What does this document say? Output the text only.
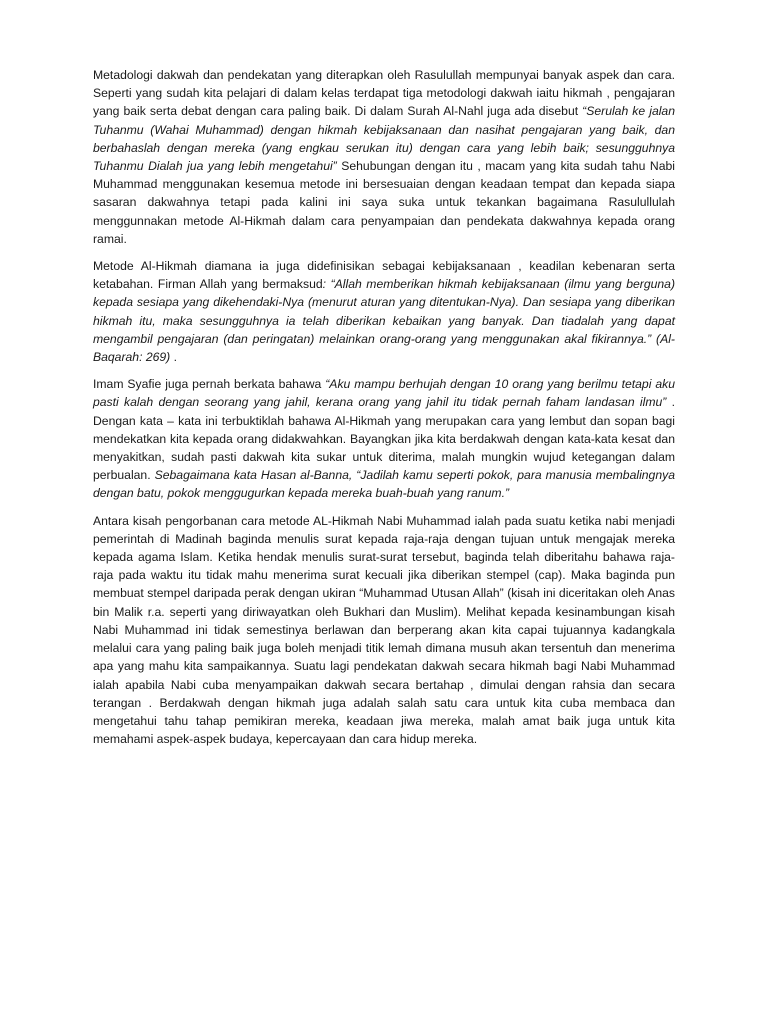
Metadologi dakwah dan pendekatan yang diterapkan oleh Rasulullah mempunyai banyak aspek dan cara. Seperti yang sudah kita pelajari di dalam kelas terdapat tiga metodologi dakwah iaitu hikmah , pengajaran yang baik serta debat dengan cara paling baik. Di dalam Surah Al-Nahl juga ada disebut “Serulah ke jalan Tuhanmu (Wahai Muhammad) dengan hikmah kebijaksanaan dan nasihat pengajaran yang baik, dan berbahaslah dengan mereka (yang engkau serukan itu) dengan cara yang lebih baik; sesungguhnya Tuhanmu Dialah jua yang lebih mengetahui” Sehubungan dengan itu , macam yang kita sudah tahu Nabi Muhammad menggunakan kesemua metode ini bersesuaian dengan keadaan tempat dan kepada siapa sasaran dakwahnya tetapi pada kalini ini saya suka untuk tekankan bagaimana Rasulullulah menggunnakan metode Al-Hikmah dalam cara penyampaian dan pendekata dakwahnya kepada orang ramai.

Metode Al-Hikmah diamana ia juga didefinisikan sebagai kebijaksanaan , keadilan kebenaran serta ketabahan. Firman Allah yang bermaksud: “Allah memberikan hikmah kebijaksanaan (ilmu yang berguna) kepada sesiapa yang dikehendaki-Nya (menurut aturan yang ditentukan-Nya). Dan sesiapa yang diberikan hikmah itu, maka sesungguhnya ia telah diberikan kebaikan yang banyak. Dan tiadalah yang dapat mengambil pengajaran (dan peringatan) melainkan orang-orang yang menggunakan akal fikirannya.” (Al-Baqarah: 269) .

Imam Syafie juga pernah berkata bahawa “Aku mampu berhujah dengan 10 orang yang berilmu tetapi aku pasti kalah dengan seorang yang jahil, kerana orang yang jahil itu tidak pernah faham landasan ilmu” . Dengan kata – kata ini terbuktiklah bahawa Al-Hikmah yang merupakan cara yang lembut dan sopan bagi mendekatkan kita kepada orang didakwahkan. Bayangkan jika kita berdakwah dengan kata-kata kesat dan menyakitkan, sudah pasti dakwah kita sukar untuk diterima, malah mungkin wujud ketegangan dalam perbualan. Sebagaimana kata Hasan al-Banna, “Jadilah kamu seperti pokok, para manusia membalingnya dengan batu, pokok menggugurkan kepada mereka buah-buah yang ranum.”

Antara kisah pengorbanan cara metode AL-Hikmah Nabi Muhammad ialah pada suatu ketika nabi menjadi pemerintah di Madinah baginda menulis surat kepada raja-raja dengan tujuan untuk mengajak mereka kepada agama Islam. Ketika hendak menulis surat-surat tersebut, baginda telah diberitahu bahawa raja-raja pada waktu itu tidak mahu menerima surat kecuali jika diberikan stempel (cap). Maka baginda pun membuat stempel daripada perak dengan ukiran “Muhammad Utusan Allah” (kisah ini diceritakan oleh Anas bin Malik r.a. seperti yang diriwayatkan oleh Bukhari dan Muslim). Melihat kepada kesinambungan kisah Nabi Muhammad ini tidak semestinya berlawan dan berperang akan kita capai tujuannya kadangkala melalui cara yang paling baik juga boleh menjadi titik lemah dimana musuh akan tersentuh dan menerima apa yang mahu kita sampaikannya. Suatu lagi pendekatan dakwah secara hikmah bagi Nabi Muhammad ialah apabila Nabi cuba menyampaikan dakwah secara bertahap , dimulai dengan rahsia dan secara terangan . Berdakwah dengan hikmah juga adalah salah satu cara untuk kita cuba membaca dan mengetahui tahu tahap pemikiran mereka, keadaan jiwa mereka, malah amat baik juga untuk kita memahami aspek-aspek budaya, kepercayaan dan cara hidup mereka.
